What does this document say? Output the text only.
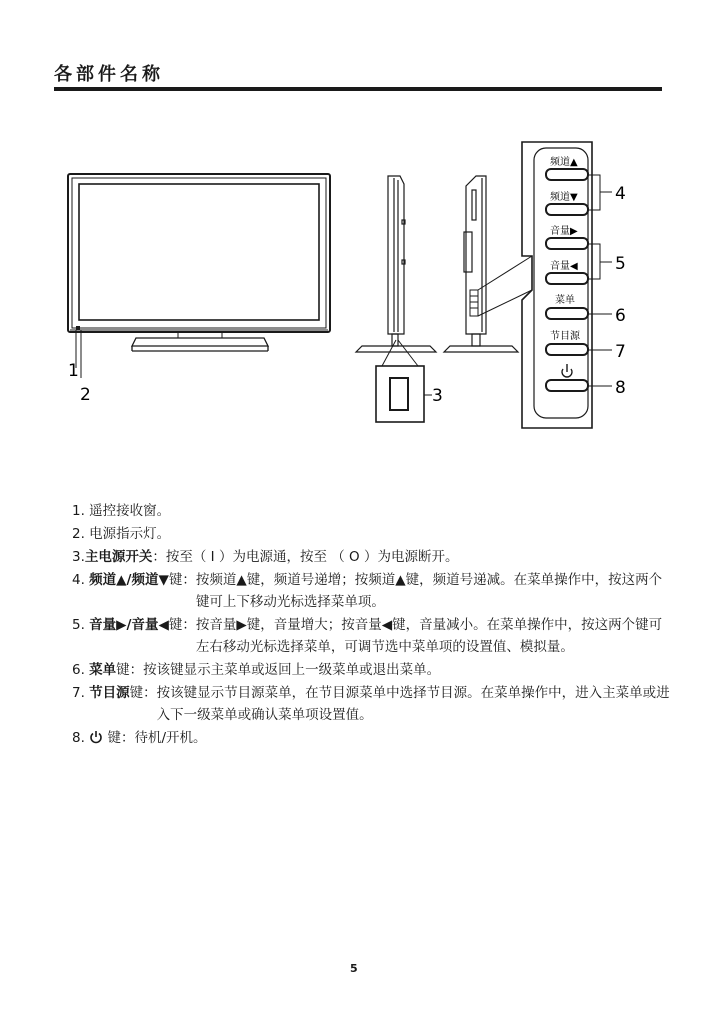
各部件名称
1
2	3
频道▲
频道▼
音量▶
音量◀
菜单
节目源
4
5
6
7
8
1. 遥控接收窗。
2. 电源指示灯。
3.主电源开关： 按至（ I ）为电源通，按至 （ O ）为电源断开。
4. 频道▲/频道▼键： 按频道▲键，频道号递增；按频道▲键，频道号递减。在菜单操作中，按这两个键可上下移动光标选择菜单项。
5. 音量▶/音量◀键： 按音量▶键，音量增大；按音量◀键，音量减小。在菜单操作中，按这两个键可左右移动光标选择菜单，可调节选中菜单项的设置值、模拟量。
6. 菜单键： 按该键显示主菜单或返回上一级菜单或退出菜单。
7. 节目源键： 按该键显示节目源菜单，在节目源菜单中选择节目源。在菜单操作中，进入主菜单或进入下一级菜单或确认菜单项设置值。
8.  键： 待机/开机。
5
